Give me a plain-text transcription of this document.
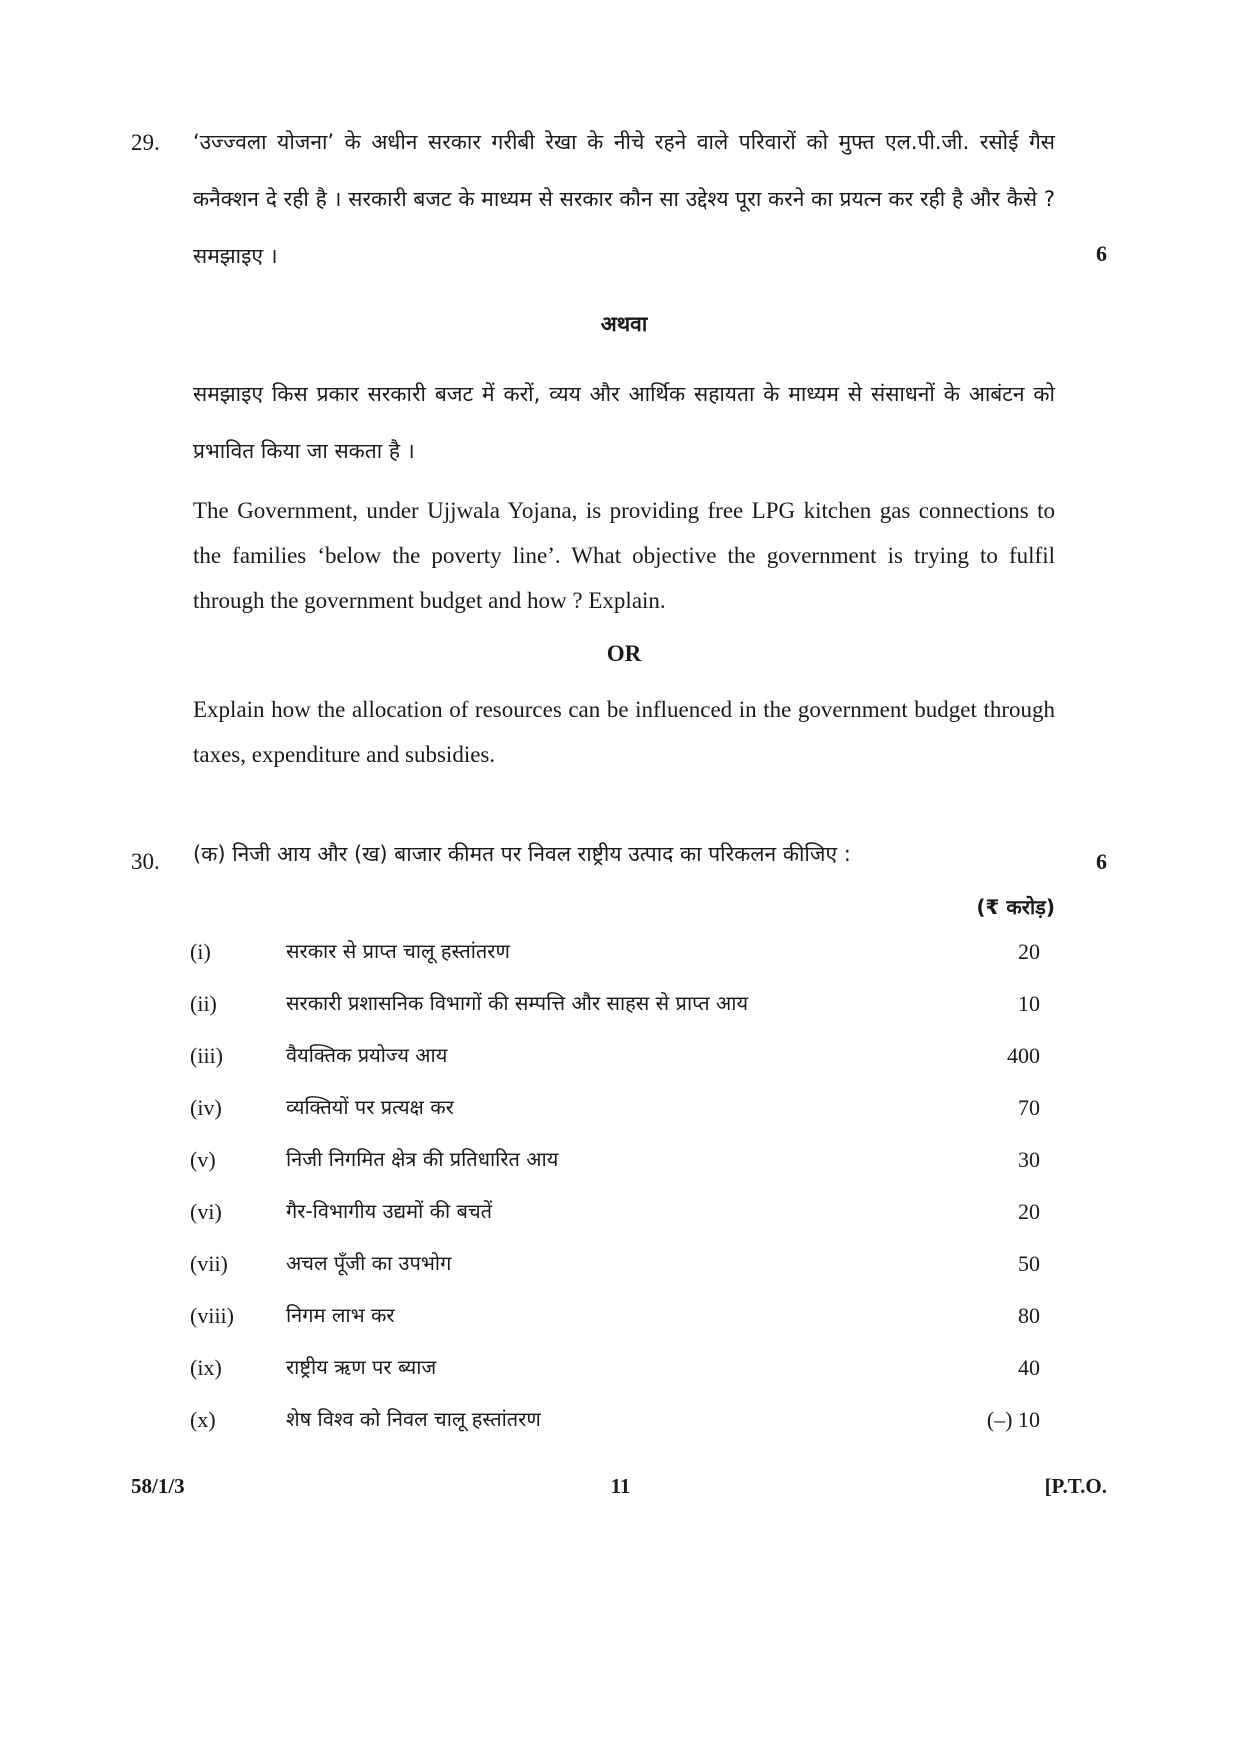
29. ‘उज्ज्वला योजना’ के अधीन सरकार गरीबी रेखा के नीचे रहने वाले परिवारों को मुफ्त एल.पी.जी. रसोई गैस कनैक्शन दे रही है । सरकारी बजट के माध्यम से सरकार कौन सा उद्देश्य पूरा करने का प्रयत्न कर रही है और कैसे ? समझाइए ।	6
अथवा
समझाइए किस प्रकार सरकारी बजट में करों, व्यय और आर्थिक सहायता के माध्यम से संसाधनों के आबंटन को प्रभावित किया जा सकता है ।
The Government, under Ujjwala Yojana, is providing free LPG kitchen gas connections to the families ‘below the poverty line’. What objective the government is trying to fulfil through the government budget and how ? Explain.
OR
Explain how the allocation of resources can be influenced in the government budget through taxes, expenditure and subsidies.
30. (क) निजी आय और (ख) बाजार कीमत पर निवल राष्ट्रीय उत्पाद का परिकलन कीजिए :	6
(₹ करोड़)
(i)	सरकार से प्राप्त चालू हस्तांतरण	20
(ii)	सरकारी प्रशासनिक विभागों की सम्पत्ति और साहस से प्राप्त आय	10
(iii)	वैयक्तिक प्रयोज्य आय	400
(iv)	व्यक्तियों पर प्रत्यक्ष कर	70
(v)	निजी निगमित क्षेत्र की प्रतिधारित आय	30
(vi)	गैर-विभागीय उद्यमों की बचतें	20
(vii)	अचल पूँजी का उपभोग	50
(viii)	निगम लाभ कर	80
(ix)	राष्ट्रीय ऋण पर ब्याज	40
(x)	शेष विश्व को निवल चालू हस्तांतरण	(–) 10
58/1/3	11	[P.T.O.
